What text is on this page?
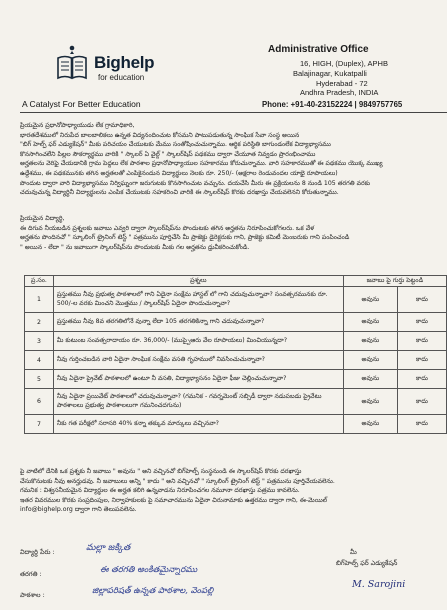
Bighelp
for education
A Catalyst For Better Education
Administrative Office
16, HIGH, (Duplex), APHB
Balajinagar, Kukatpalli
Hyderabad - 72
Andhra Pradesh, INDIA
Phone: +91-40-23152224 | 9849757765
ప్రియమైన ప్రధానోపాధ్యాయుడు లేక గ్రామాధికారి,
భారతదేశములో నిరుపేద బాలబాలికలు ఉన్నత విద్యనందించుట కోసమని పాటుపడుతున్న సాంఘిక సేవా సంస్థ అయిన
"బిగ్ హెల్ప్ ఫర్ ఎడ్యుకేషన్" మీకు పరిచయం చేయుటకు మేము సంతోషించుచున్నాము. ఆర్థిక పరిస్థితి బాగుండంలేక విద్యాభ్యాసము
కొనసాగించలేని పిల్లల సౌకర్యార్థము వారికి " స్కాలర్ ఏ వైల్డ్ " స్కాలర్‌షిప్ పథకము ద్వారా చేయూత నివ్వడం ప్రారంభించాము
అర్హతలను వెరిఫై చేయడానికి గ్రామ పెద్దలు లేక పాఠశాల ప్రధానోపాధ్యాయుల సహకారము కోరుచున్నాము. వారి సహకారముతో ఈ పథకము యొక్క ముఖ్య
ఉద్దేశము, ఈ పథకమునకు తగిన అర్హతలతో ఎంపికైనందున విద్యార్థులు నెలకు రూ. 250/- (అక్షరాల రెండువందల యాభై రూపాయలు)
పొందుట ద్వారా వారి విద్యాభ్యాసము నిర్విఘ్నంగా జరుగుటకు కొనసాగించుట వచ్చును. దయచేసి మీరు ఈ ప్రక్రియలను 8 నుండి 105 తరగతి వరకు
చదువుచున్న విద్యార్థినీ విద్యార్థులను ఎంపిక చేయుటకు సహకరించి వారికి ఈ స్కాలర్‌షిప్ కొరకు దరఖాస్తు చేయవలెనని కోరుతున్నాము.
ప్రియమైన విద్యార్థి,
ఈ దిగువ నీయబడిన ప్రశ్నలకు జవాబు ఎవ్వరి ద్వారా స్కాలర్‌షిప్‌ను పొందుటకు తగిన అర్హతను నిరూపించుకోగలరు. ఒక వేళ
అర్హతను పొందినచో " స్కూలింగ్ ట్రైనింగ్ టెస్ట్ " పత్రమును పూర్తిచేసి మీ ప్రాజెక్టు డైరెక్టరుకు గాని, ప్రాజెక్టు కమిటీ మెంబరుకు గాని పంపించండి
" అయిన - లేదా " ను జవాబుగా స్కాలర్‌షిప్‌ను పొందుటకు మీకు గల అర్హతను ధ్రువీకరించుకోండి.
ప్ర.సం.	ప్రశ్నలు	జవాబు పై గుర్తు పెట్టండి	
1	ప్రస్తుతము నీవు ప్రభుత్వ పాఠశాలలో గాని ఏదైనా సంక్షేమ హాస్టల్ లో గాని చదువుచున్నావా? సంవత్సరమునకు రూ. 500/-ల వరకు మించని మొత్తము / స్కాలర్‌షిప్ ఏదైనా పొందుచున్నావా?	అవును	కాదు
2	ప్రస్తుతము నీవు 8వ తరగతిలోనే వున్నా లేదా 105 తరగతికిన్నా గాని చదువుచున్నావా?	అవును	కాదు
3	మీ కుటుంబ సంవత్సరాదాయం రూ. 36,000/- (ముప్పైఆరు వేల రూపాయలు) మించియున్నదా?	అవును	కాదు
4	నీవు గుర్తించబడిన వారి ఏదైనా సాంఘిక సంక్షేమ వసతి గృహములో నివసించుచున్నావా?	అవును	కాదు
5	నీవు ఏదైనా ప్రైవేట్ పాఠశాలలో ఉంటూ నీ వసతి, విద్యాభ్యాసనం ఏదైనా ఫీజు చెల్లించుచున్నావా?	అవును	కాదు
6	నీవు ఏదైనా ప్రయివేట్ పాఠశాలలో చదువుచున్నావా? (గమనిక - గవర్నమెంట్ సబ్సిడీ ద్వారా నడుపబడు ప్రైవేటు పాఠశాలలు ప్రభుత్వ పాఠశాలలుగా గమనించదగును)	అవును	కాదు
7	నీకు గత పరీక్షలో సరాసరి 40% కన్నా తక్కువ మార్కులు వచ్చినవా?	అవును	కాదు
పై వాటిలో దేనికి ఒక ప్రశ్నకు నీ జవాబు " అవును " అని వచ్చినచో బిగ్‌హెల్ప్ సంస్థనుండి ఈ స్కాలర్‌షిప్ కొరకు దరఖాస్తు
చేసుకొనుటకు నీవు అనర్హుడవు. నీ జవాబులు అన్ని " కాదు " అని వచ్చినచో " స్కూలింగ్ ట్రైనింగ్ టెస్ట్ " పత్రమును పూర్తిచేయవలెను.
గమనిక : విశ్వసనీయమైన విద్యార్థుల ఈ అర్హత కలిగి ఉన్నవాడను నిరూపించగల నమూనా దరఖాస్తు పత్రము కావలెను.
ఇతర వివరముల కొరకు సంప్రదింపుల, నిర్వాహకులకు పై సమాచారమును ఏదైనా చిరునామాకు ఉత్తరము ద్వారా గాని, ఈ-మెయిల్
info@bighelp.org ద్వారా గాని తెలుపవలెను.
విద్యార్థి పేరు :	మల్లా జక్కిత
తరగతి :	ఈ తరగతి అంకితమైన్నారము
పాఠశాల :	జిల్లాపరిషత్ ఉన్నత పాఠశాల, వెంపల్లి
మీ
బిగ్‌హెల్ప్ ఫర్ ఎడ్యుకేషన్
M. Sarojini
